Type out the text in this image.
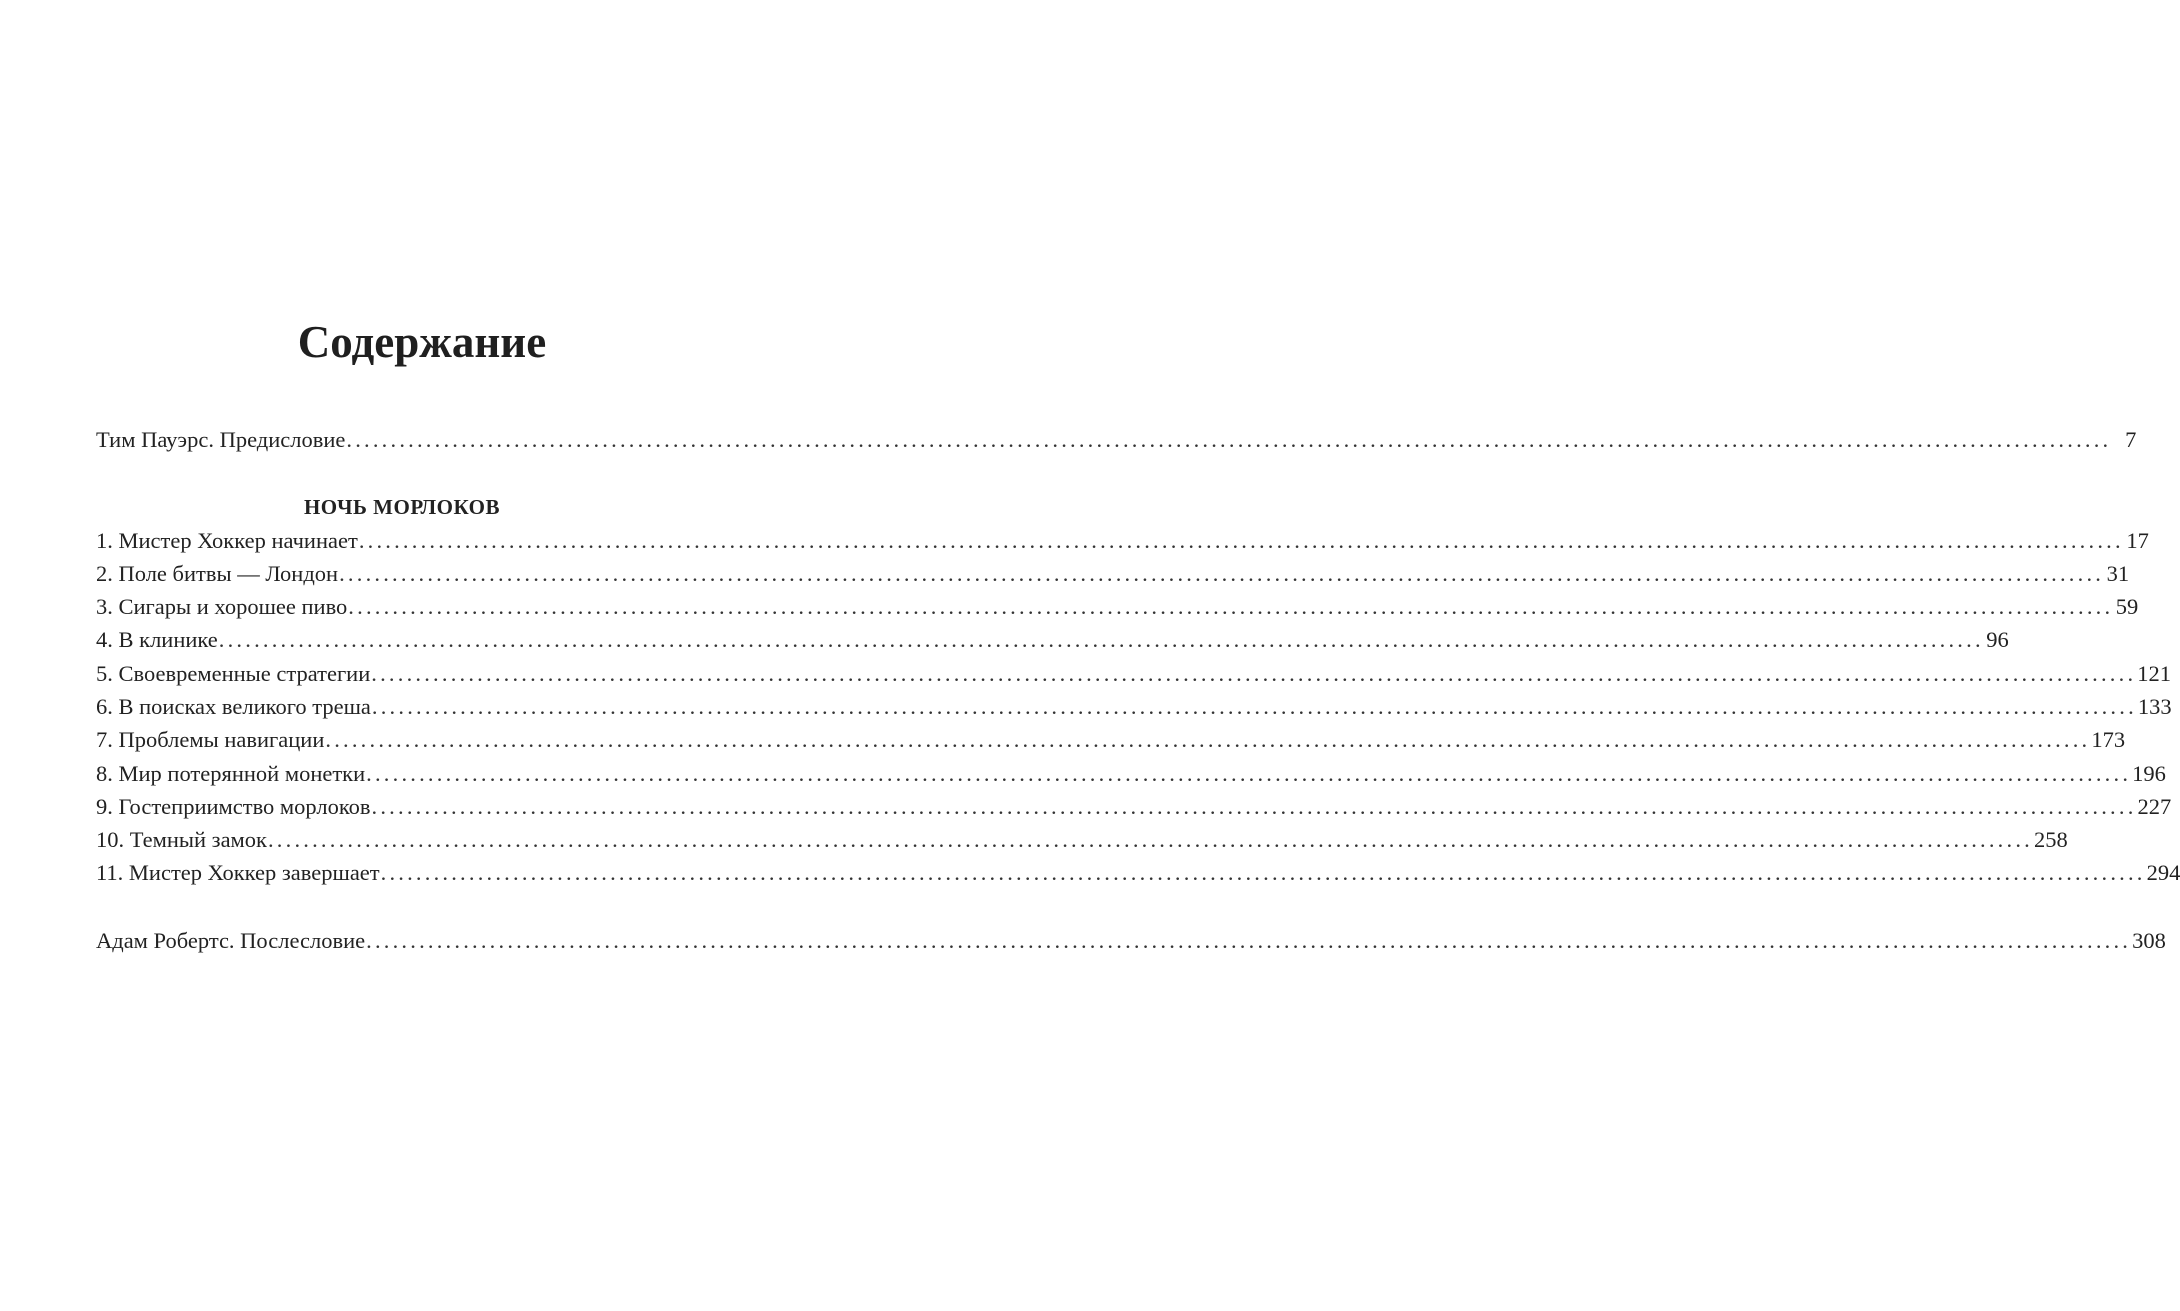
Содержание
Тим Пауэрс. Предисловие ........................................................................................................................................................................................................ 7
НОЧЬ МОРЛОКОВ
1. Мистер Хоккер начинает ........................................................................................................................................................................................................ 17
2. Поле битвы — Лондон ........................................................................................................................................................................................................ 31
3. Сигары и хорошее пиво ........................................................................................................................................................................................................ 59
4. В клинике ........................................................................................................................................................................................................ 96
5. Своевременные стратегии ........................................................................................................................................................................................................ 121
6. В поисках великого треша ........................................................................................................................................................................................................ 133
7. Проблемы навигации ........................................................................................................................................................................................................ 173
8. Мир потерянной монетки ........................................................................................................................................................................................................ 196
9. Гостеприимство морлоков ........................................................................................................................................................................................................ 227
10. Темный замок ........................................................................................................................................................................................................ 258
11. Мистер Хоккер завершает ........................................................................................................................................................................................................ 294
Адам Робертс. Послесловие ........................................................................................................................................................................................................ 308
